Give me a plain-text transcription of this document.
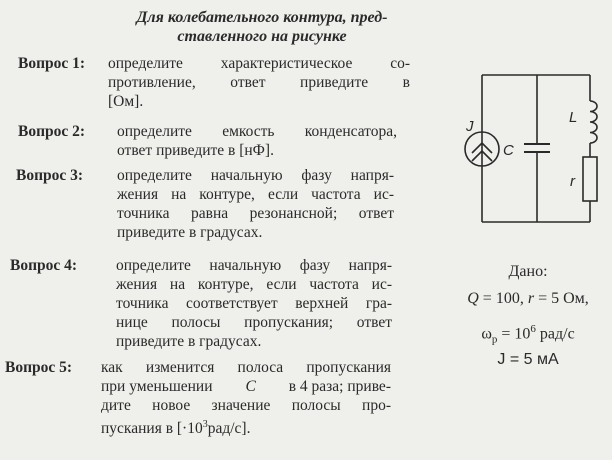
Для колебательного контура, пред-
ставленного на рисунке
Вопрос 1: определите характеристическое со-
противление, ответ приведите в
[Ом].
Вопрос 2: определите емкость конденсатора,
ответ приведите в [нФ].
Вопрос 3: определите начальную фазу напря-
жения на контуре, если частота ис-
точника равна резонансной; ответ
приведите в градусах.
Вопрос 4:	определите начальную фазу напря-
жения на контуре, если частота ис-
точника соответствует верхней гра-
нице полосы пропускания; ответ
приведите в градусах.
Вопрос 5: как изменится полоса пропускания
при уменьшении C в 4 раза; приве-
дите новое значение полосы про-
пускания в $[\cdot 10^3рад/с]$.
J
C
L
r
Дано:
Q = 100, r = 5 Ом,
$\omega_р = 10^6$ рад/с
J = 5 мА
